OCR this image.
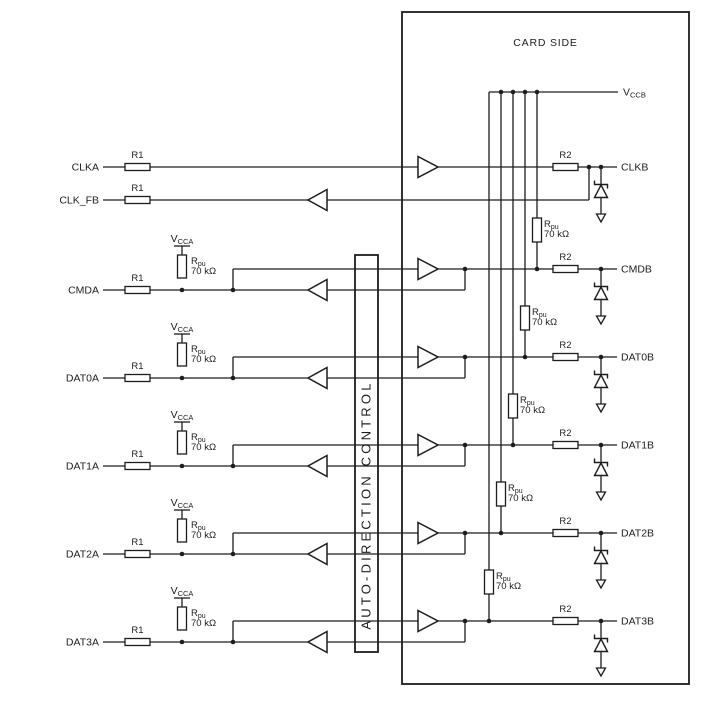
VCCB
$R_{pu}$
70 kΩ
$R_{pu}$
70 kΩ
$R_{pu}$
70 kΩ
$R_{pu}$
70 kΩ
$R_{pu}$
70 kΩ
CLKA
R1	R2
CLKB
CLK_FB
R1
CMDA
R1
VCCA
$R_{pu}$
70 kΩ
R2
CMDB
DAT0A
R1
VCCA
$R_{pu}$
70 kΩ
R2
DAT0B
DAT1A
R1
VCCA
$R_{pu}$
70 kΩ
R2
DAT1B
DAT2A
R1
VCCA
$R_{pu}$
70 kΩ
R2
DAT2B
DAT3A
R1
VCCA
$R_{pu}$
70 kΩ
R2
DAT3B
CARD SIDE
AUTO-DIRECTION CONTROL
